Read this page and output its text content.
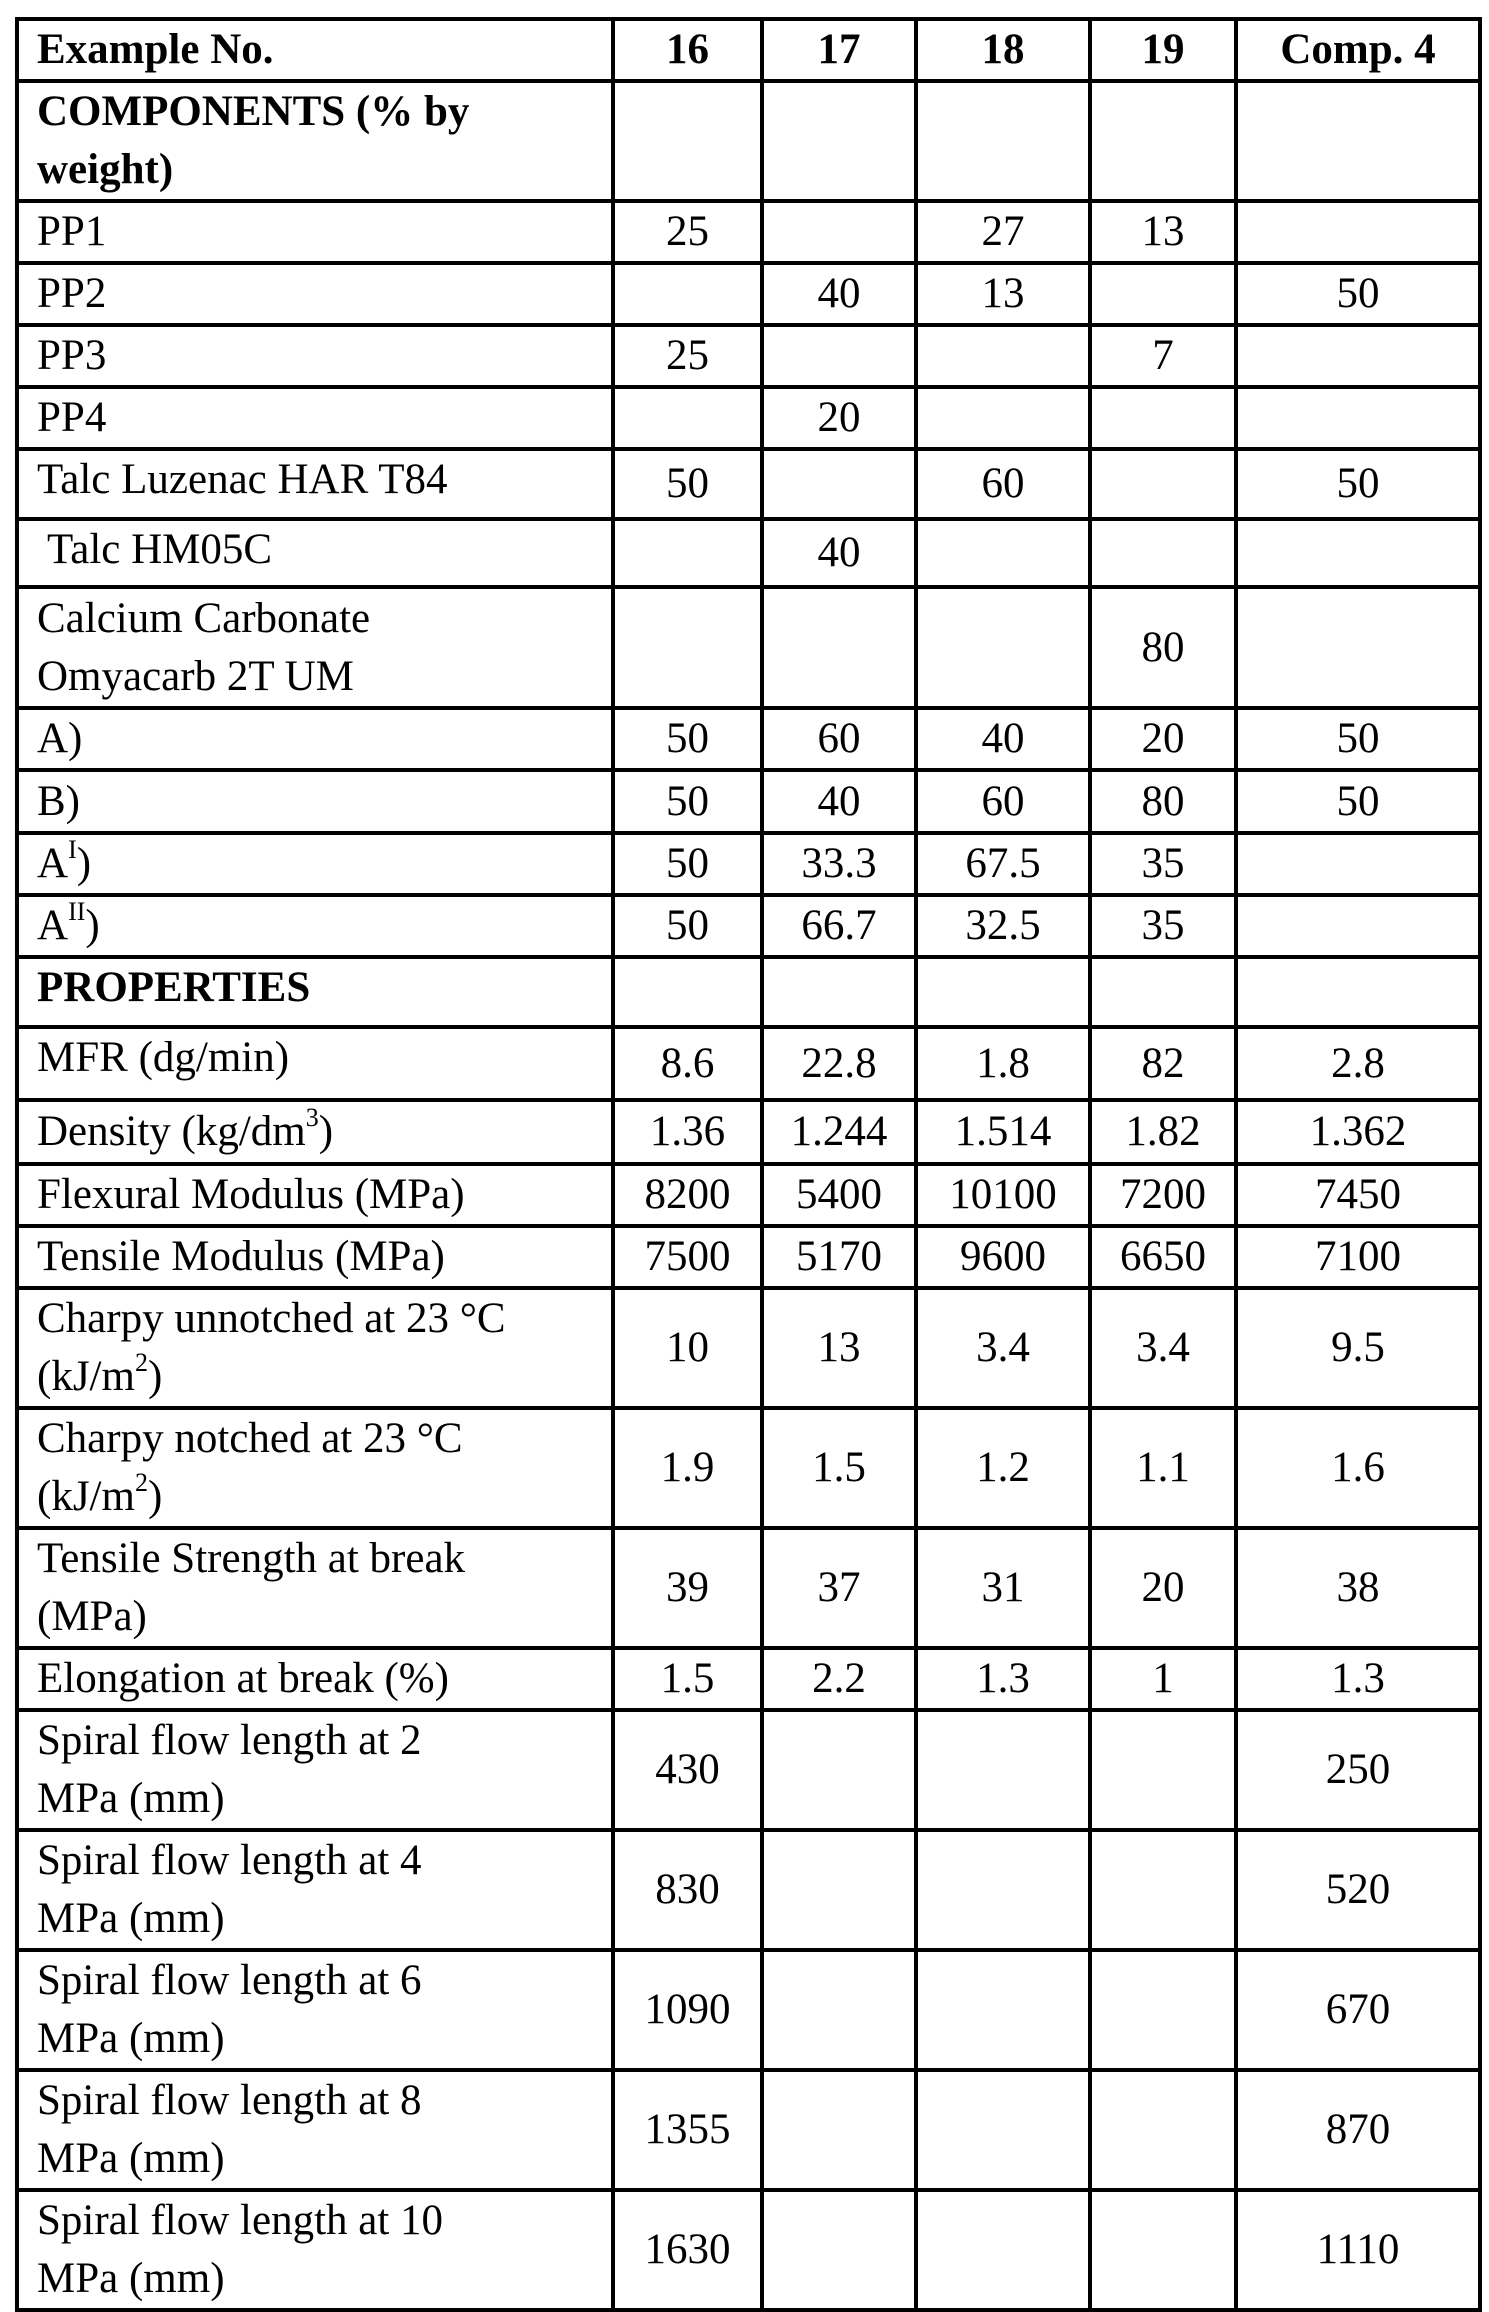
Example No.	16	17	18	19	Comp. 4
COMPONENTS (% by
weight)					
PP1	25		27	13	
PP2		40	13		50
PP3	25			7	
PP4		20			
Talc Luzenac HAR T84	50		60		50
Talc HM05C		40			
Calcium Carbonate
Omyacarb 2T UM				80	
A)	50	60	40	20	50
B)	50	40	60	80	50
$A^I$)	50	33.3	67.5	35	
$A^{II}$)	50	66.7	32.5	35	
PROPERTIES					
MFR (dg/min)	8.6	22.8	1.8	82	2.8
Density $(kg/dm^3)$	1.36	1.244	1.514	1.82	1.362
Flexural Modulus (MPa)	8200	5400	10100	7200	7450
Tensile Modulus (MPa)	7500	5170	9600	6650	7100
Charpy unnotched at 23 °C
$(kJ/m^2)$	10	13	3.4	3.4	9.5
Charpy notched at 23 °C
$(kJ/m^2)$	1.9	1.5	1.2	1.1	1.6
Tensile Strength at break
(MPa)	39	37	31	20	38
Elongation at break (%)	1.5	2.2	1.3	1	1.3
Spiral flow length at 2
MPa (mm)	430				250
Spiral flow length at 4
MPa (mm)	830				520
Spiral flow length at 6
MPa (mm)	1090				670
Spiral flow length at 8
MPa (mm)	1355				870
Spiral flow length at 10
MPa (mm)	1630				1110
